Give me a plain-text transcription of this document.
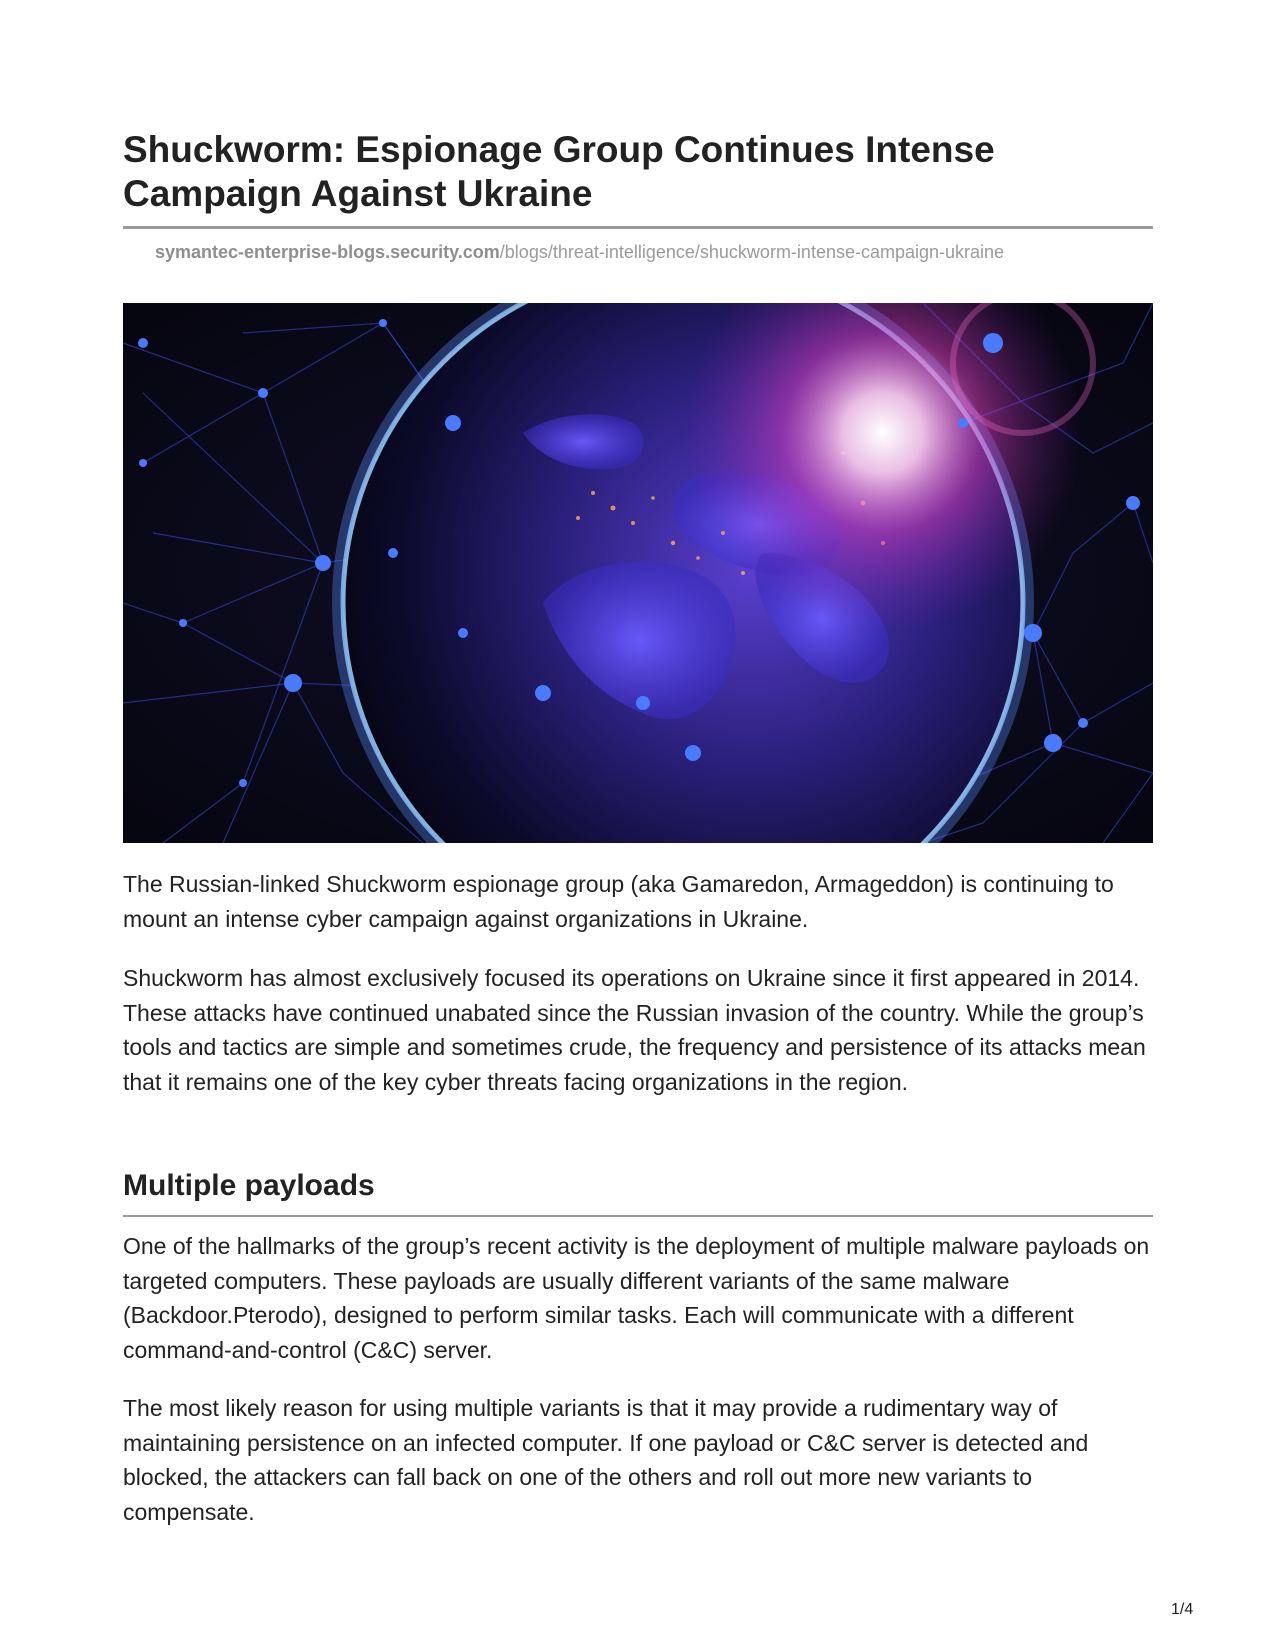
Shuckworm: Espionage Group Continues Intense Campaign Against Ukraine
symantec-enterprise-blogs.security.com/blogs/threat-intelligence/shuckworm-intense-campaign-ukraine

The Russian-linked Shuckworm espionage group (aka Gamaredon, Armageddon) is continuing to mount an intense cyber campaign against organizations in Ukraine.

Shuckworm has almost exclusively focused its operations on Ukraine since it first appeared in 2014. These attacks have continued unabated since the Russian invasion of the country. While the group’s tools and tactics are simple and sometimes crude, the frequency and persistence of its attacks mean that it remains one of the key cyber threats facing organizations in the region.

Multiple payloads

One of the hallmarks of the group’s recent activity is the deployment of multiple malware payloads on targeted computers. These payloads are usually different variants of the same malware (Backdoor.Pterodo), designed to perform similar tasks. Each will communicate with a different command-and-control (C&C) server.

The most likely reason for using multiple variants is that it may provide a rudimentary way of maintaining persistence on an infected computer. If one payload or C&C server is detected and blocked, the attackers can fall back on one of the others and roll out more new variants to compensate.

1/4
